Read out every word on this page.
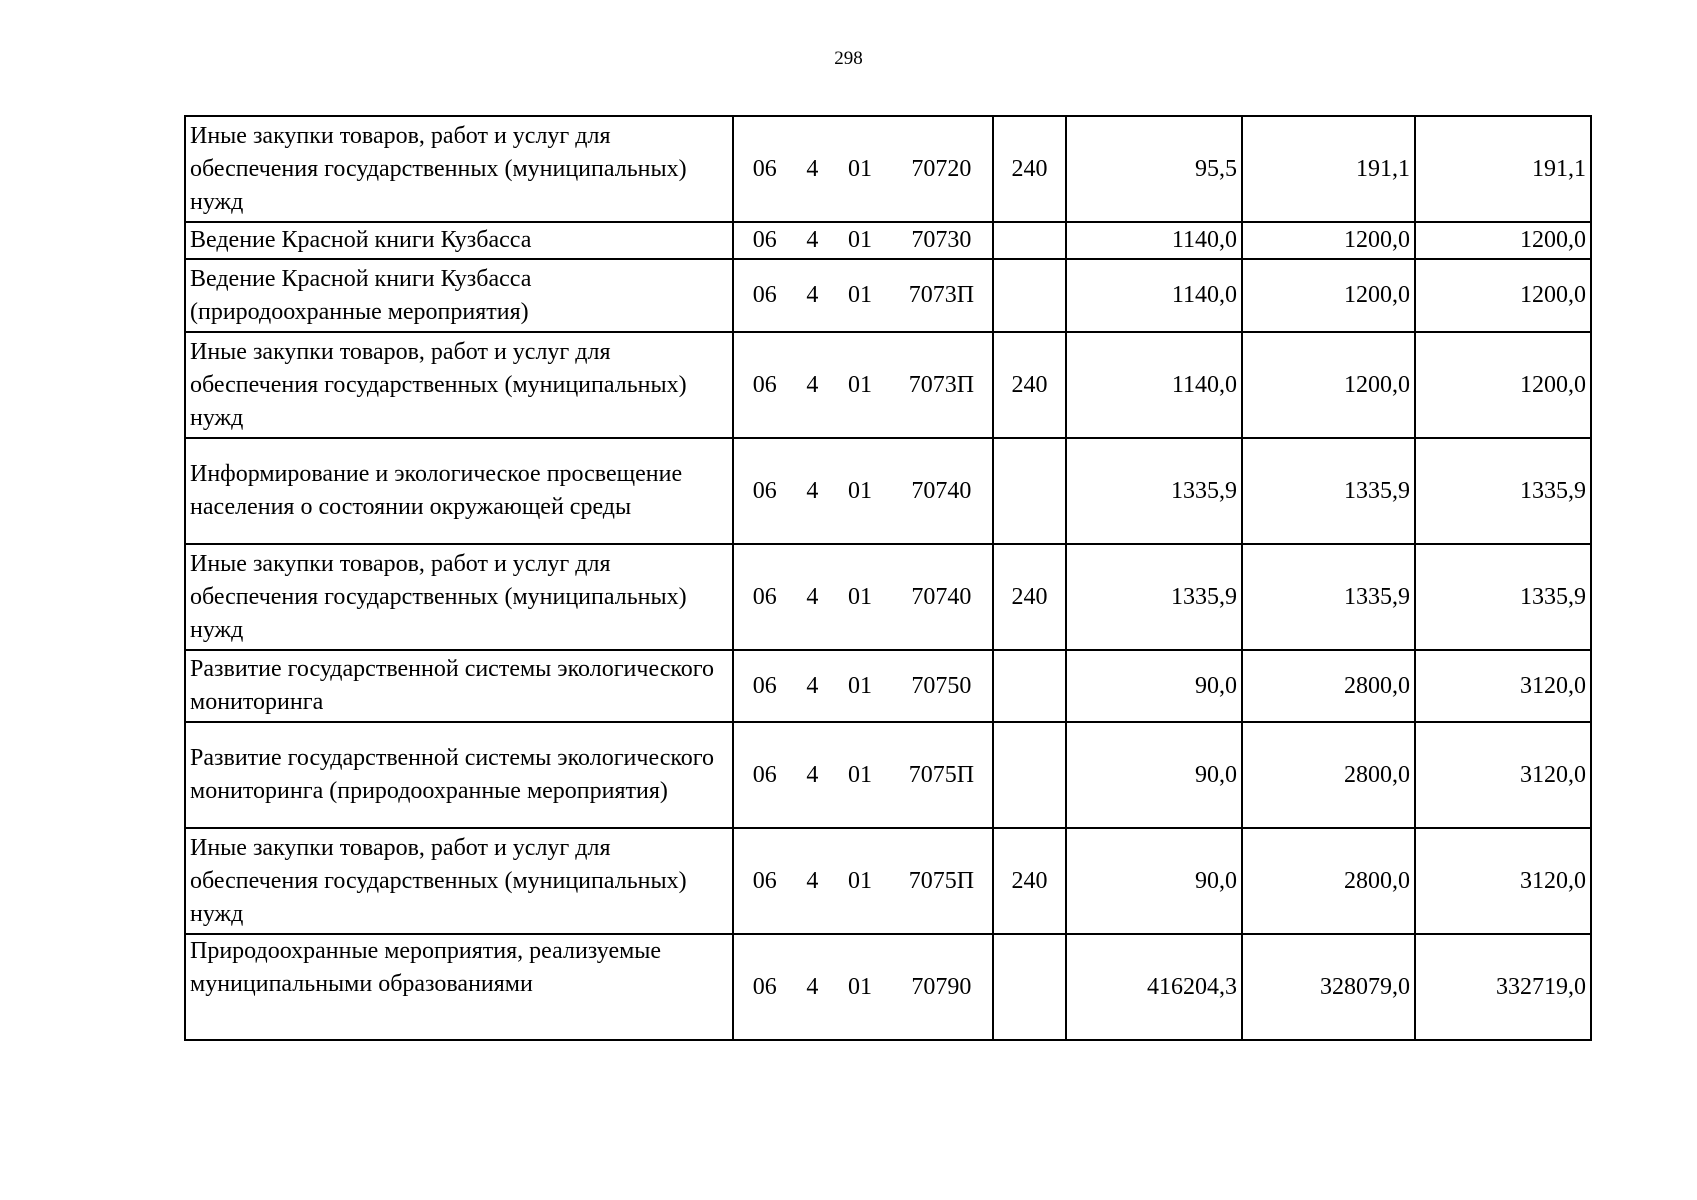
298
Иные закупки товаров, работ и услуг для обеспечения государственных (муниципальных) нужд	06 4 01 70720	240	95,5	191,1	191,1
Ведение Красной книги Кузбасса	06 4 01 70730		1140,0	1200,0	1200,0
Ведение Красной книги Кузбасса (природоохранные мероприятия)	06 4 01 7073П		1140,0	1200,0	1200,0
Иные закупки товаров, работ и услуг для обеспечения государственных (муниципальных) нужд	06 4 01 7073П	240	1140,0	1200,0	1200,0
Информирование и экологическое просвещение населения о состоянии окружающей среды	06 4 01 70740		1335,9	1335,9	1335,9
Иные закупки товаров, работ и услуг для обеспечения государственных (муниципальных) нужд	06 4 01 70740	240	1335,9	1335,9	1335,9
Развитие государственной системы экологического мониторинга	06 4 01 70750		90,0	2800,0	3120,0
Развитие государственной системы экологического мониторинга (природоохранные мероприятия)	06 4 01 7075П		90,0	2800,0	3120,0
Иные закупки товаров, работ и услуг для обеспечения государственных (муниципальных) нужд	06 4 01 7075П	240	90,0	2800,0	3120,0
Природоохранные мероприятия, реализуемые муниципальными образованиями	06 4 01 70790		416204,3	328079,0	332719,0
